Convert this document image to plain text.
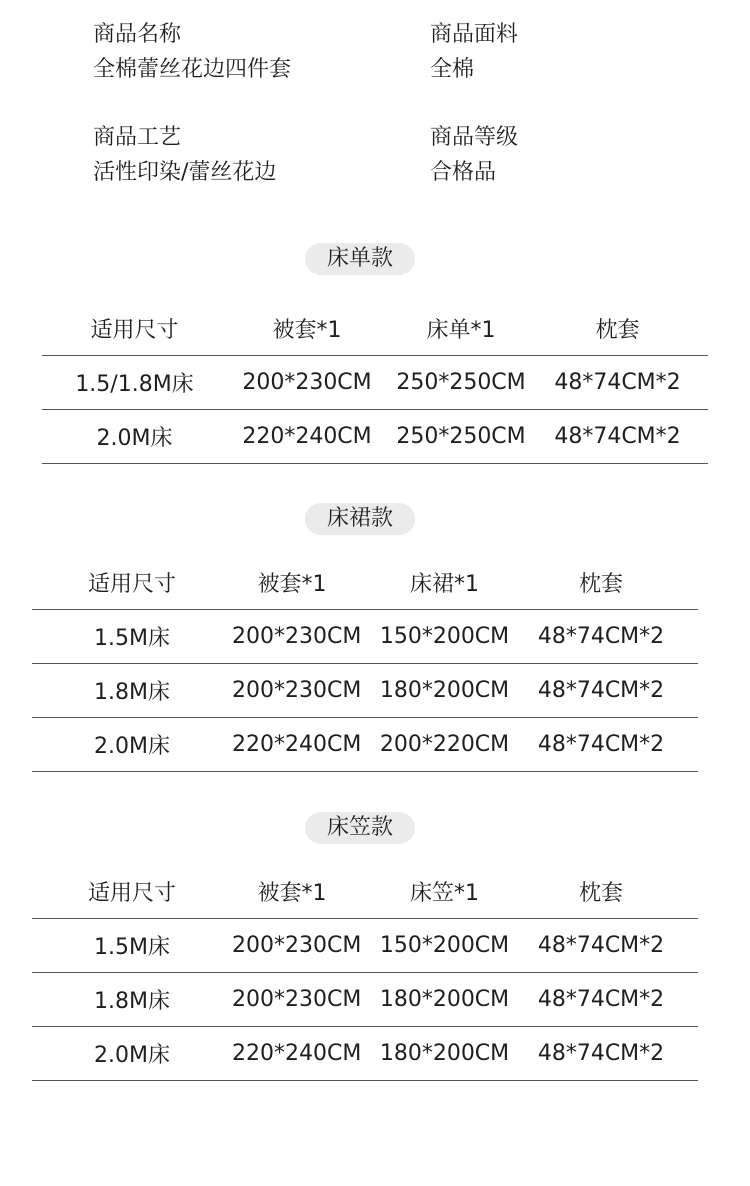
商品名称
全棉蕾丝花边四件套
商品面料
全棉
商品工艺
活性印染/蕾丝花边
商品等级
合格品
床单款
适用尺寸	被套*1	床单*1	枕套
1.5/1.8M床	200*230CM	250*250CM	48*74CM*2
2.0M床	220*240CM	250*250CM	48*74CM*2
床裙款
适用尺寸	被套*1	床裙*1	枕套
1.5M床	200*230CM 150*200CM	48*74CM*2
1.8M床	200*230CM 180*200CM	48*74CM*2
2.0M床	220*240CM 200*220CM	48*74CM*2
床笠款
适用尺寸	被套*1	床笠*1	枕套
1.5M床	200*230CM 150*200CM	48*74CM*2
1.8M床	200*230CM 180*200CM	48*74CM*2
2.0M床	220*240CM 180*200CM	48*74CM*2
